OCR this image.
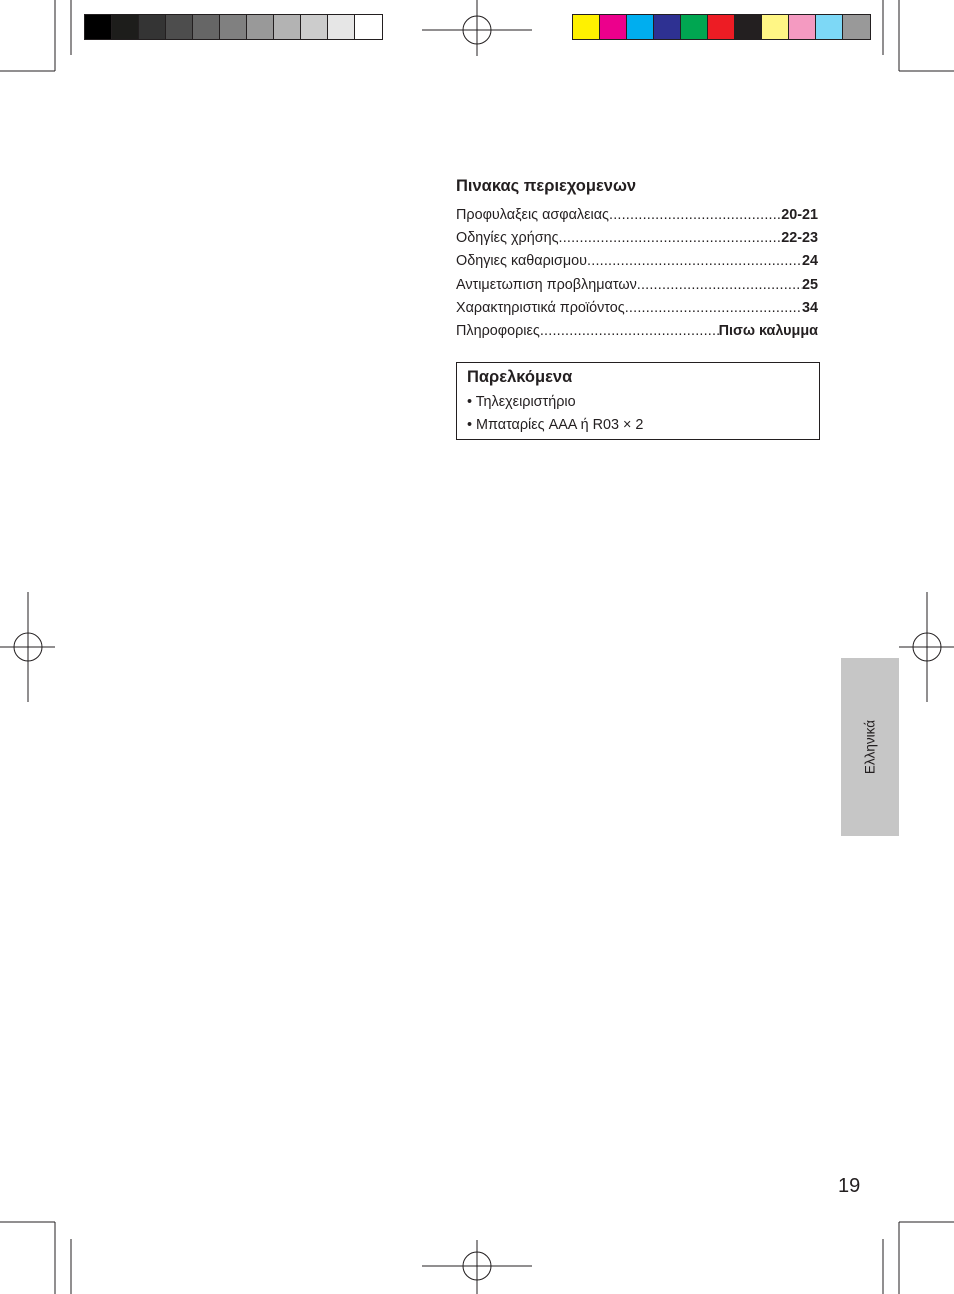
Πινακας περιεχομενων
Προφυλαξεις ασφαλειας .....	20-21
Οδηγίες χρήσης .....	22-23
Οδηγιες καθαρισμου .....	24
Αντιμετωπιση προβληματων .....	25
Χαρακτηριστικά προϊόντος .....	34
Πληροφοριες .....	Πισω καλυμμα
Παρελκόμενα
• Τηλεχειριστήριο
• Μπαταρίες AAA ή R03 × 2
Ελληνικά
19
